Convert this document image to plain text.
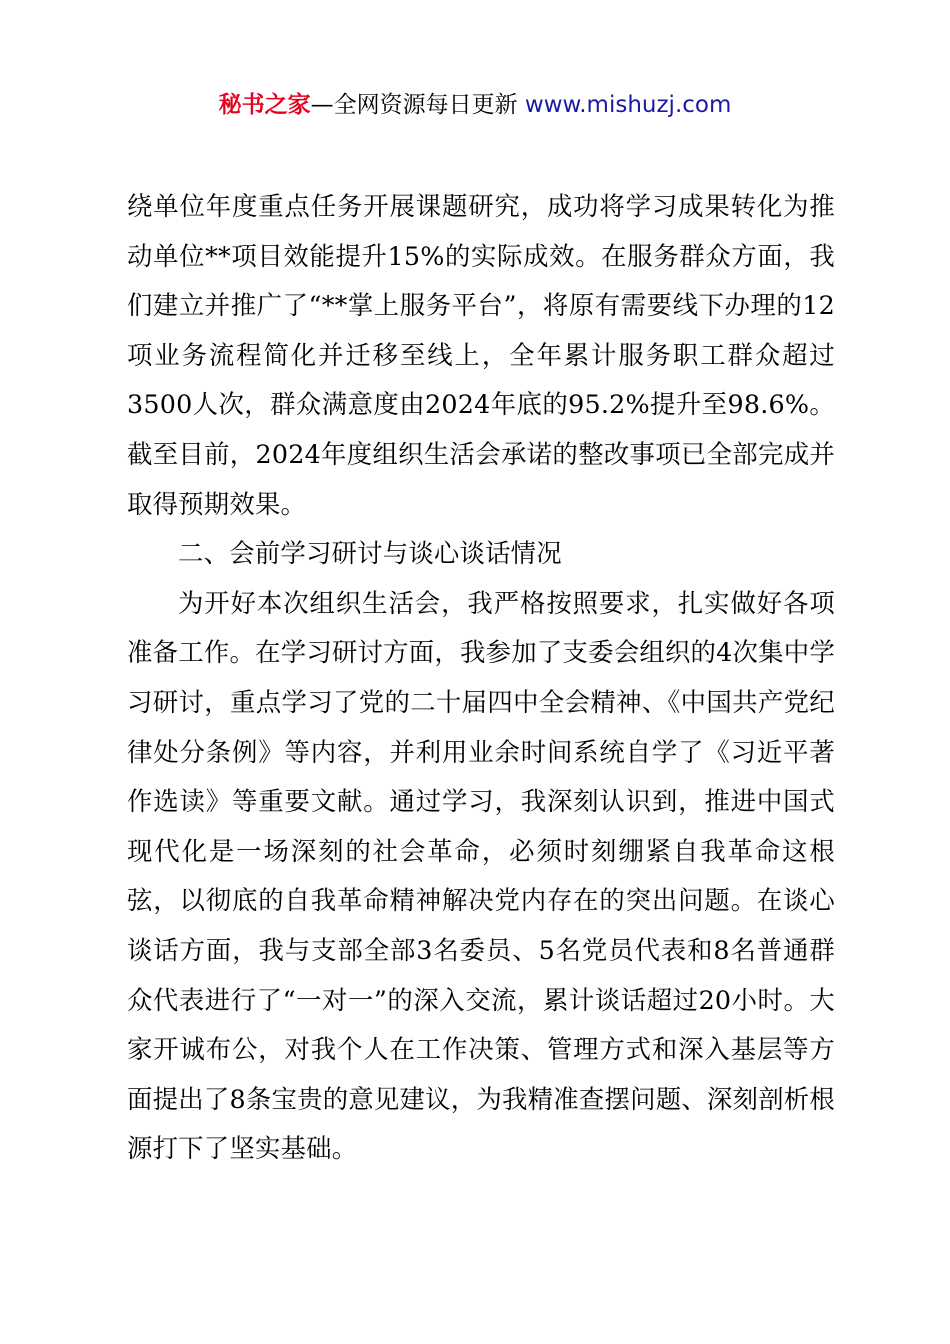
秘书之家—全网资源每日更新 www.mishuzj.com

绕单位年度重点任务开展课题研究，成功将学习成果转化为推动单位**项目效能提升15%的实际成效。在服务群众方面，我们建立并推广了“**掌上服务平台”，将原有需要线下办理的12项业务流程简化并迁移至线上，全年累计服务职工群众超过3500人次，群众满意度由2024年底的95.2%提升至98.6%。截至目前，2024年度组织生活会承诺的整改事项已全部完成并取得预期效果。

二、会前学习研讨与谈心谈话情况

为开好本次组织生活会，我严格按照要求，扎实做好各项准备工作。在学习研讨方面，我参加了支委会组织的4次集中学习研讨，重点学习了党的二十届四中全会精神、《中国共产党纪律处分条例》等内容，并利用业余时间系统自学了《习近平著作选读》等重要文献。通过学习，我深刻认识到，推进中国式现代化是一场深刻的社会革命，必须时刻绷紧自我革命这根弦，以彻底的自我革命精神解决党内存在的突出问题。在谈心谈话方面，我与支部全部3名委员、5名党员代表和8名普通群众代表进行了“一对一”的深入交流，累计谈话超过20小时。大家开诚布公，对我个人在工作决策、管理方式和深入基层等方面提出了8条宝贵的意见建议，为我精准查摆问题、深刻剖析根源打下了坚实基础。
